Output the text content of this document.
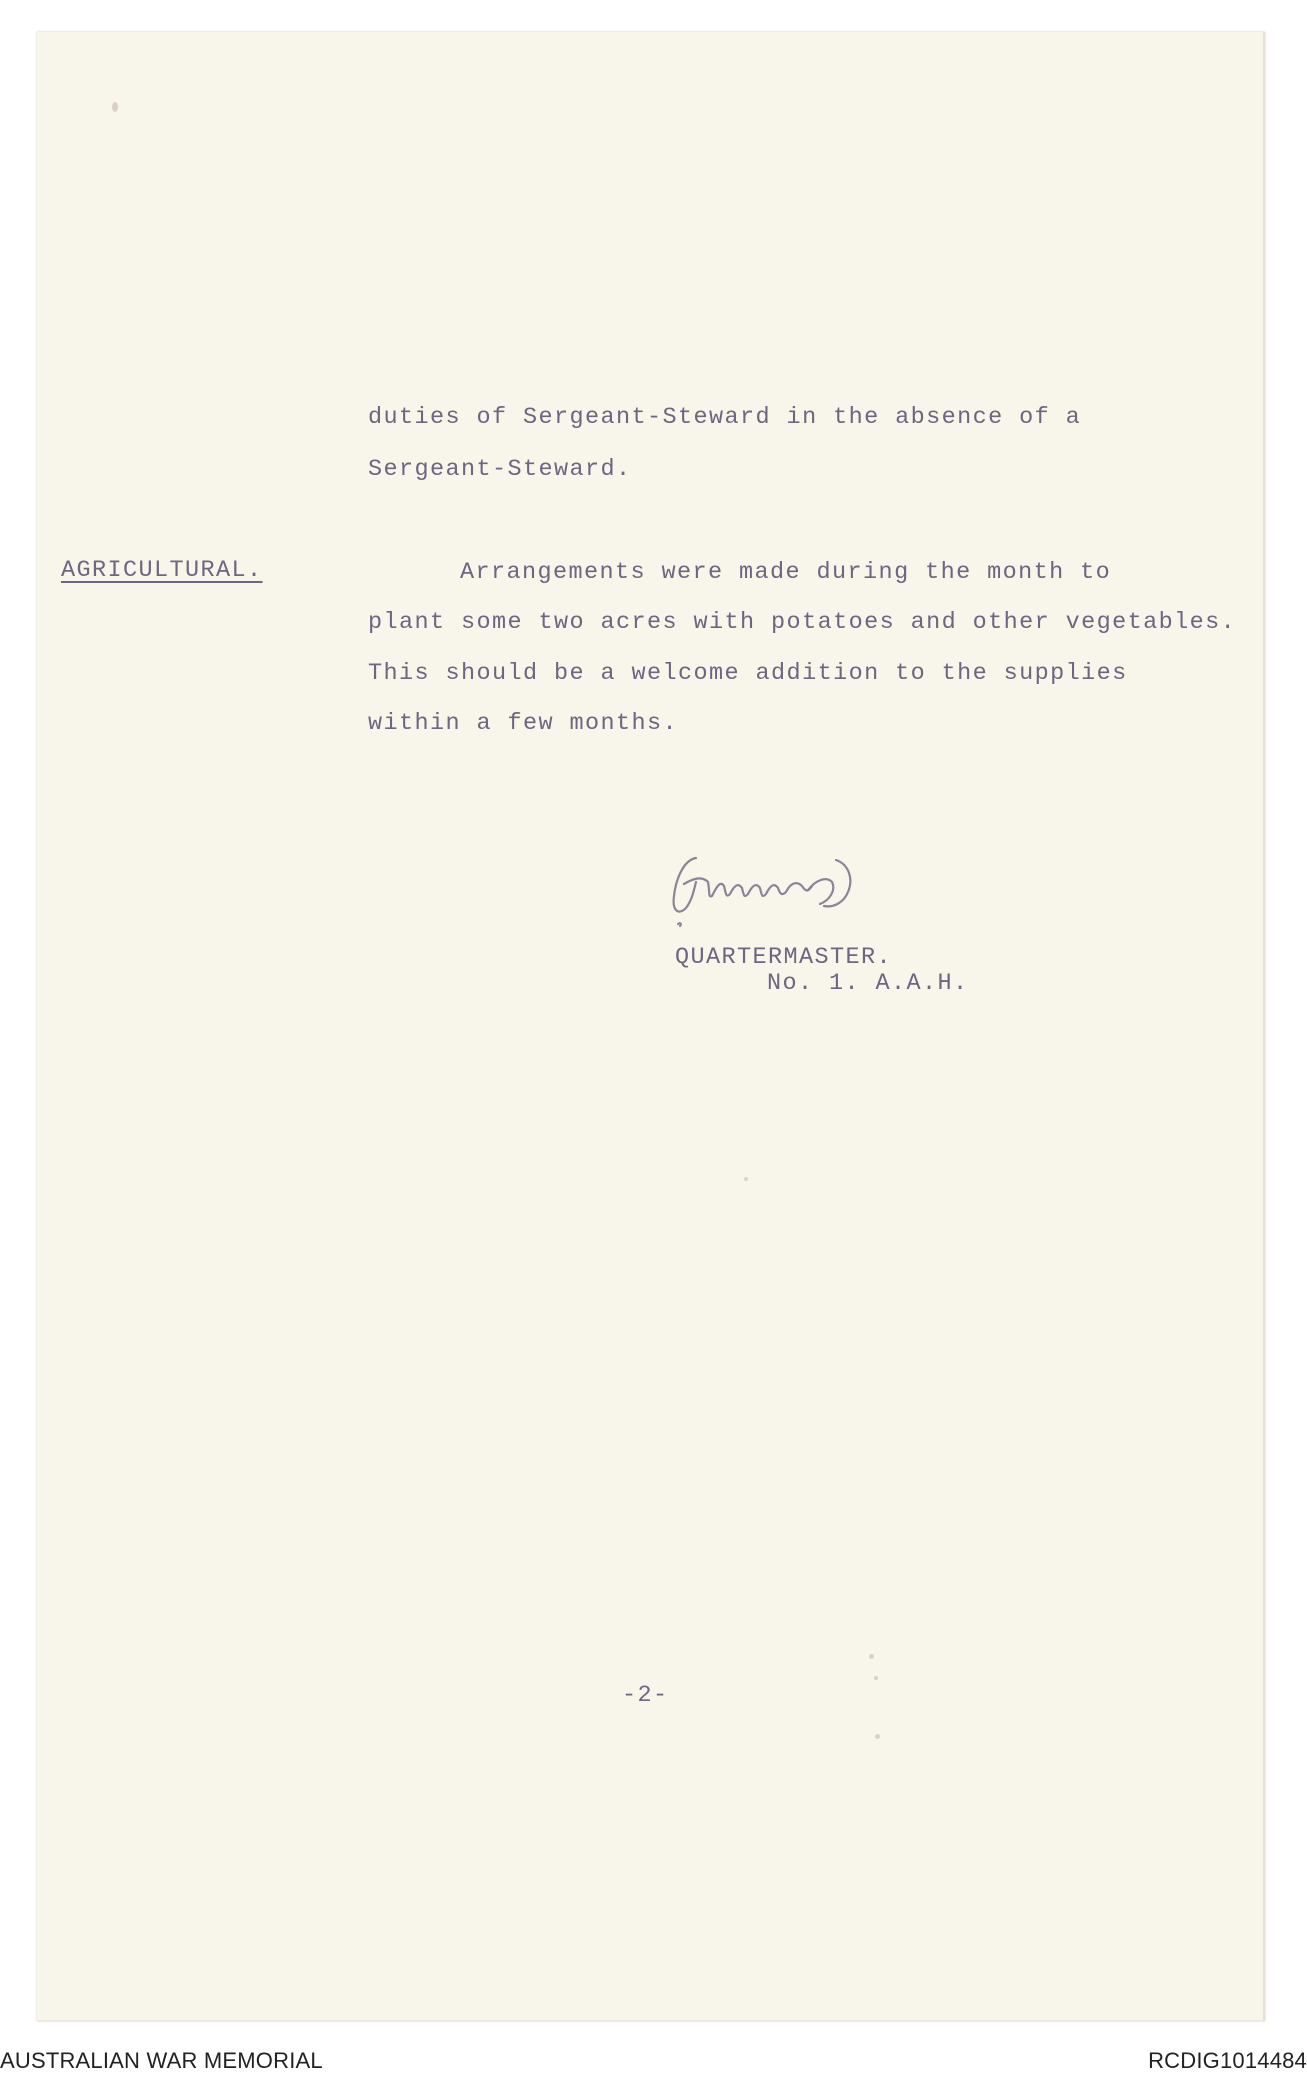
duties of Sergeant-Steward in the absence of a
Sergeant-Steward.
AGRICULTURAL.	Arrangements were made during the month to
plant some two acres with potatoes and other vegetables.
This should be a welcome addition to the supplies
within a few months.
QUARTERMASTER.
No. 1. A.A.H.
-2-
AUSTRALIAN WAR MEMORIAL	RCDIG1014484
